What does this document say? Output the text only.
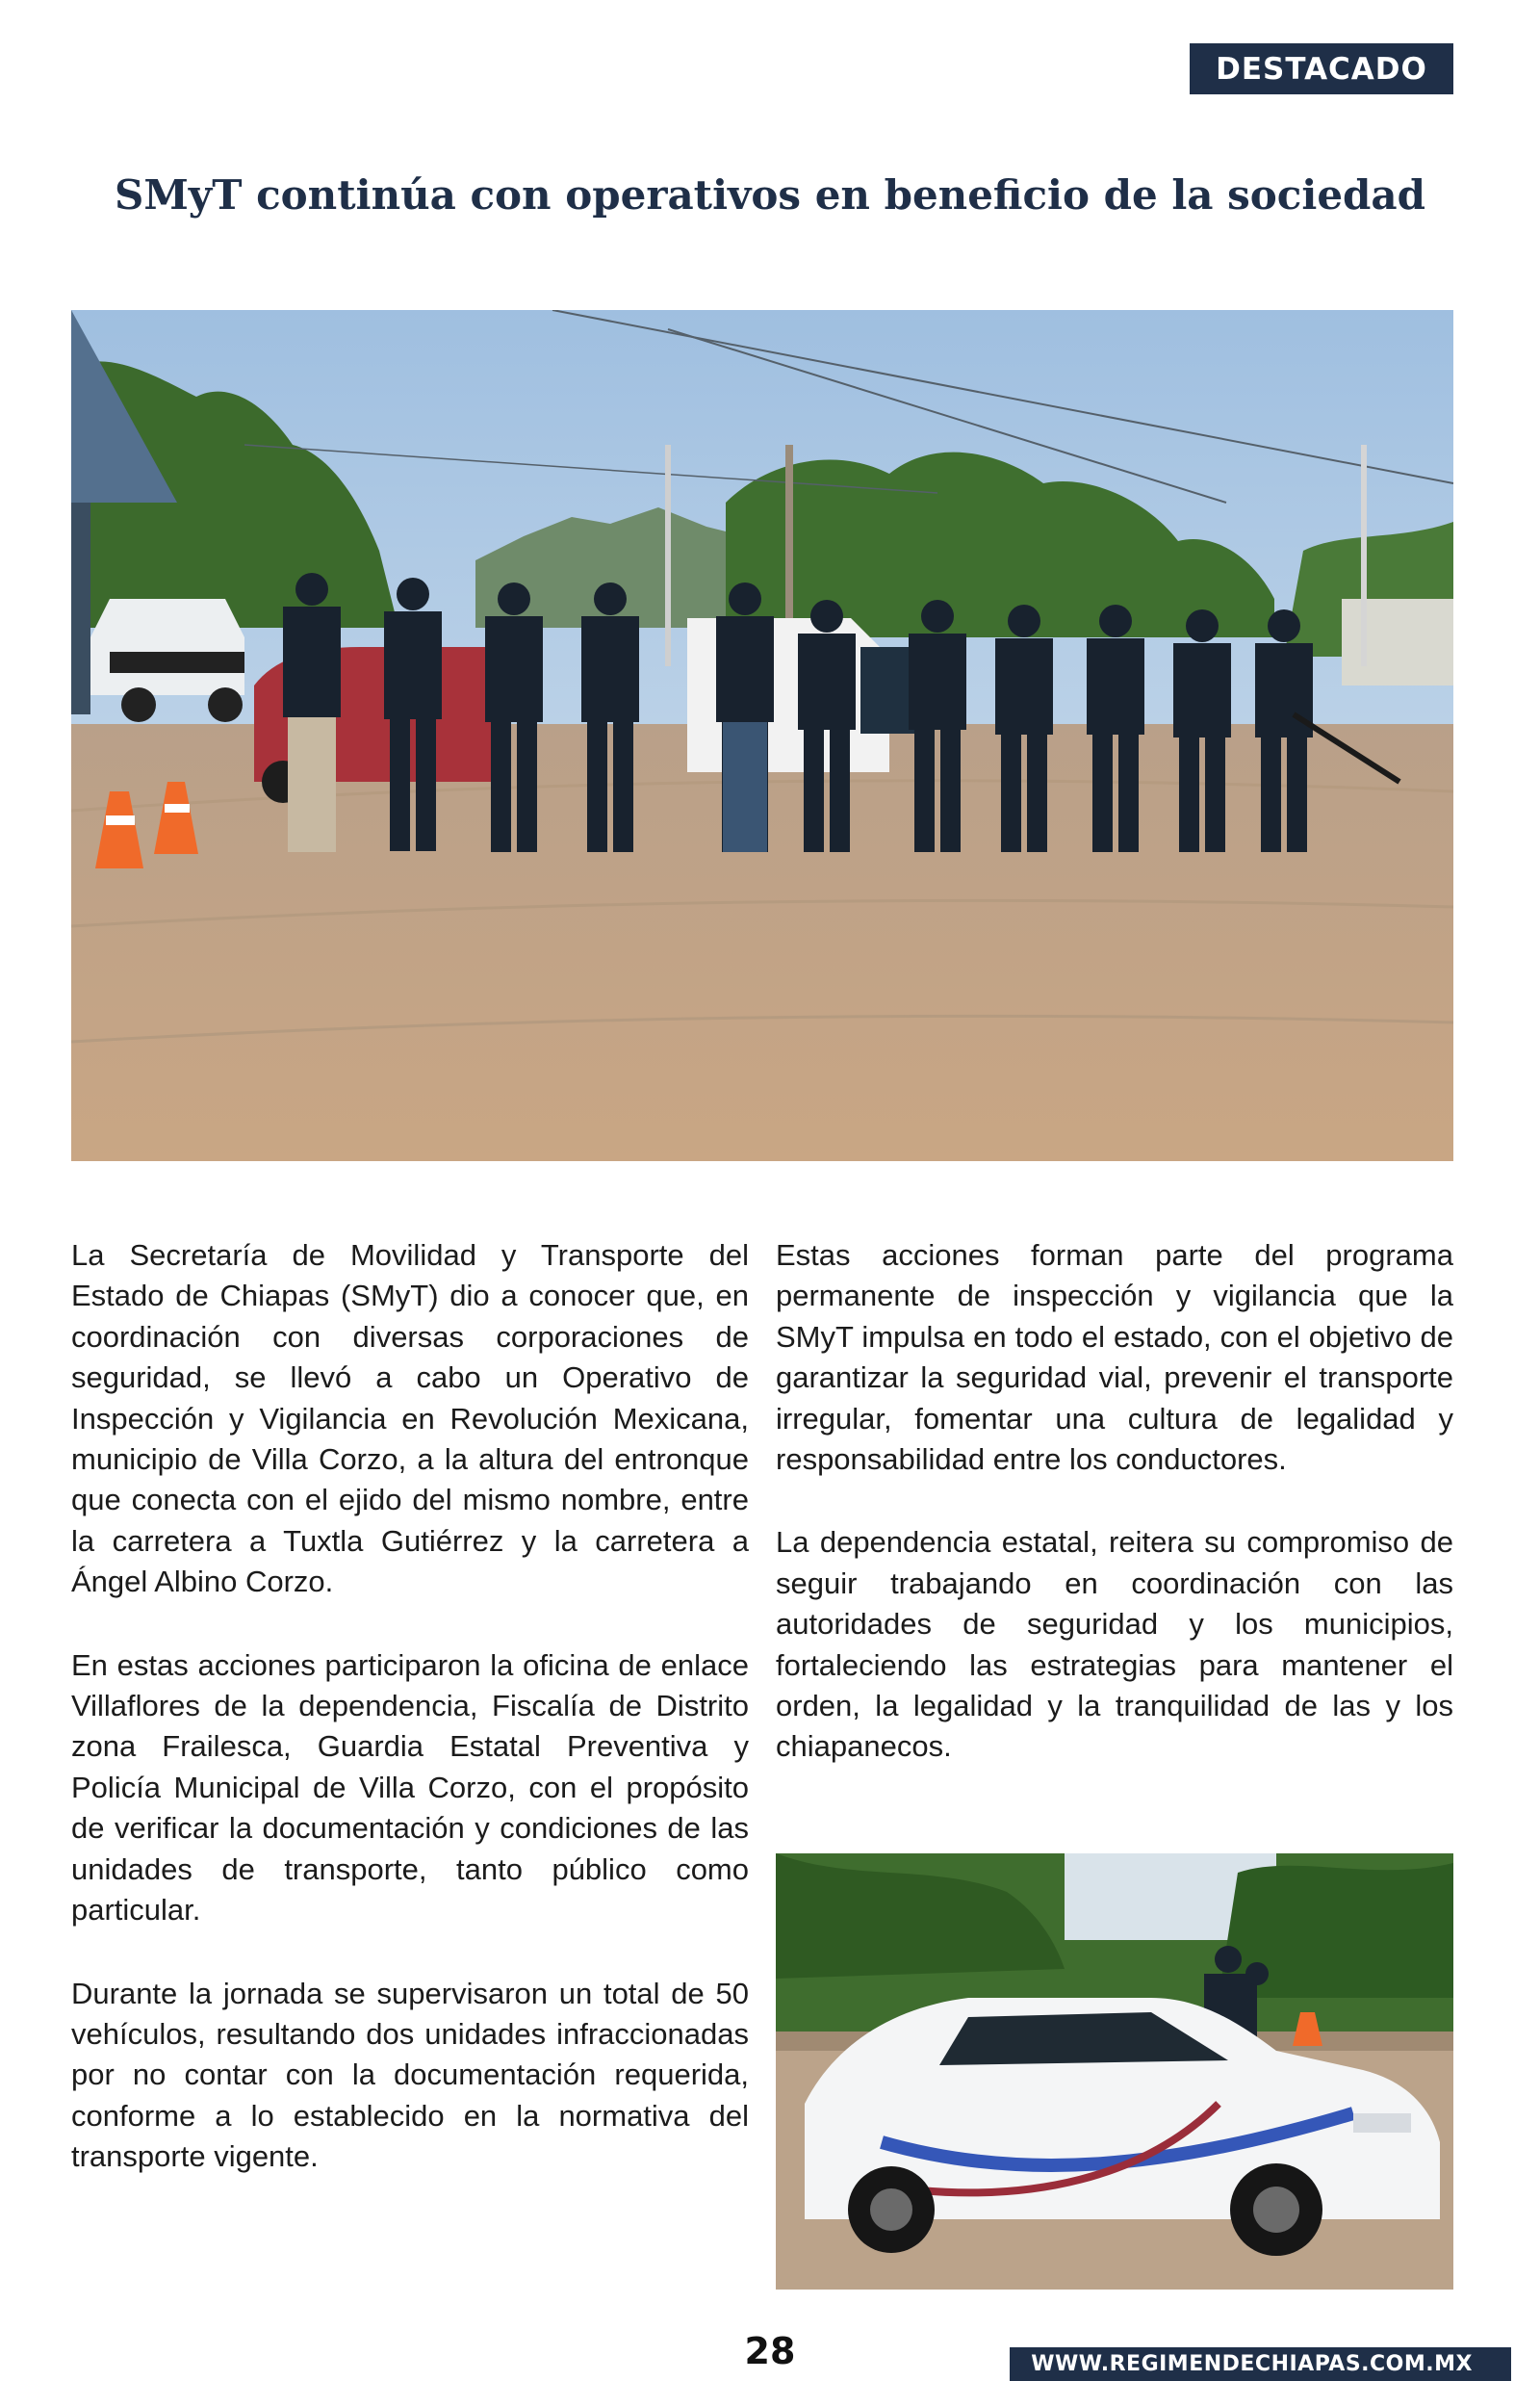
DESTACADO
SMyT continúa con operativos en beneficio de la sociedad

La Secretaría de Movilidad y Transporte del Estado de Chiapas (SMyT) dio a conocer que, en coordinación con diversas corporaciones de seguridad, se llevó a cabo un Operativo de Inspección y Vigilancia en Revolución Mexicana, municipio de Villa Corzo, a la altura del entronque que conecta con el ejido del mismo nombre, entre la carretera a Tuxtla Gutiérrez y la carretera a Ángel Albino Corzo.

En estas acciones participaron la oficina de enlace Villaflores de la dependencia, Fiscalía de Distrito zona Frailesca, Guardia Estatal Preventiva y Policía Municipal de Villa Corzo, con el propósito de verificar la documentación y condiciones de las unidades de transporte, tanto público como particular.

Durante la jornada se supervisaron un total de 50 vehículos, resultando dos unidades infraccionadas por no contar con la documentación requerida, conforme a lo establecido en la normativa del transporte vigente.

Estas acciones forman parte del programa permanente de inspección y vigilancia que la SMyT impulsa en todo el estado, con el objetivo de garantizar la seguridad vial, prevenir el transporte irregular, fomentar una cultura de legalidad y responsabilidad entre los conductores.

La dependencia estatal, reitera su compromiso de seguir trabajando en coordinación con las autoridades de seguridad y los municipios, fortaleciendo las estrategias para mantener el orden, la legalidad y la tranquilidad de las y los chiapanecos.

28	WWW.REGIMENDECHIAPAS.COM.MX
